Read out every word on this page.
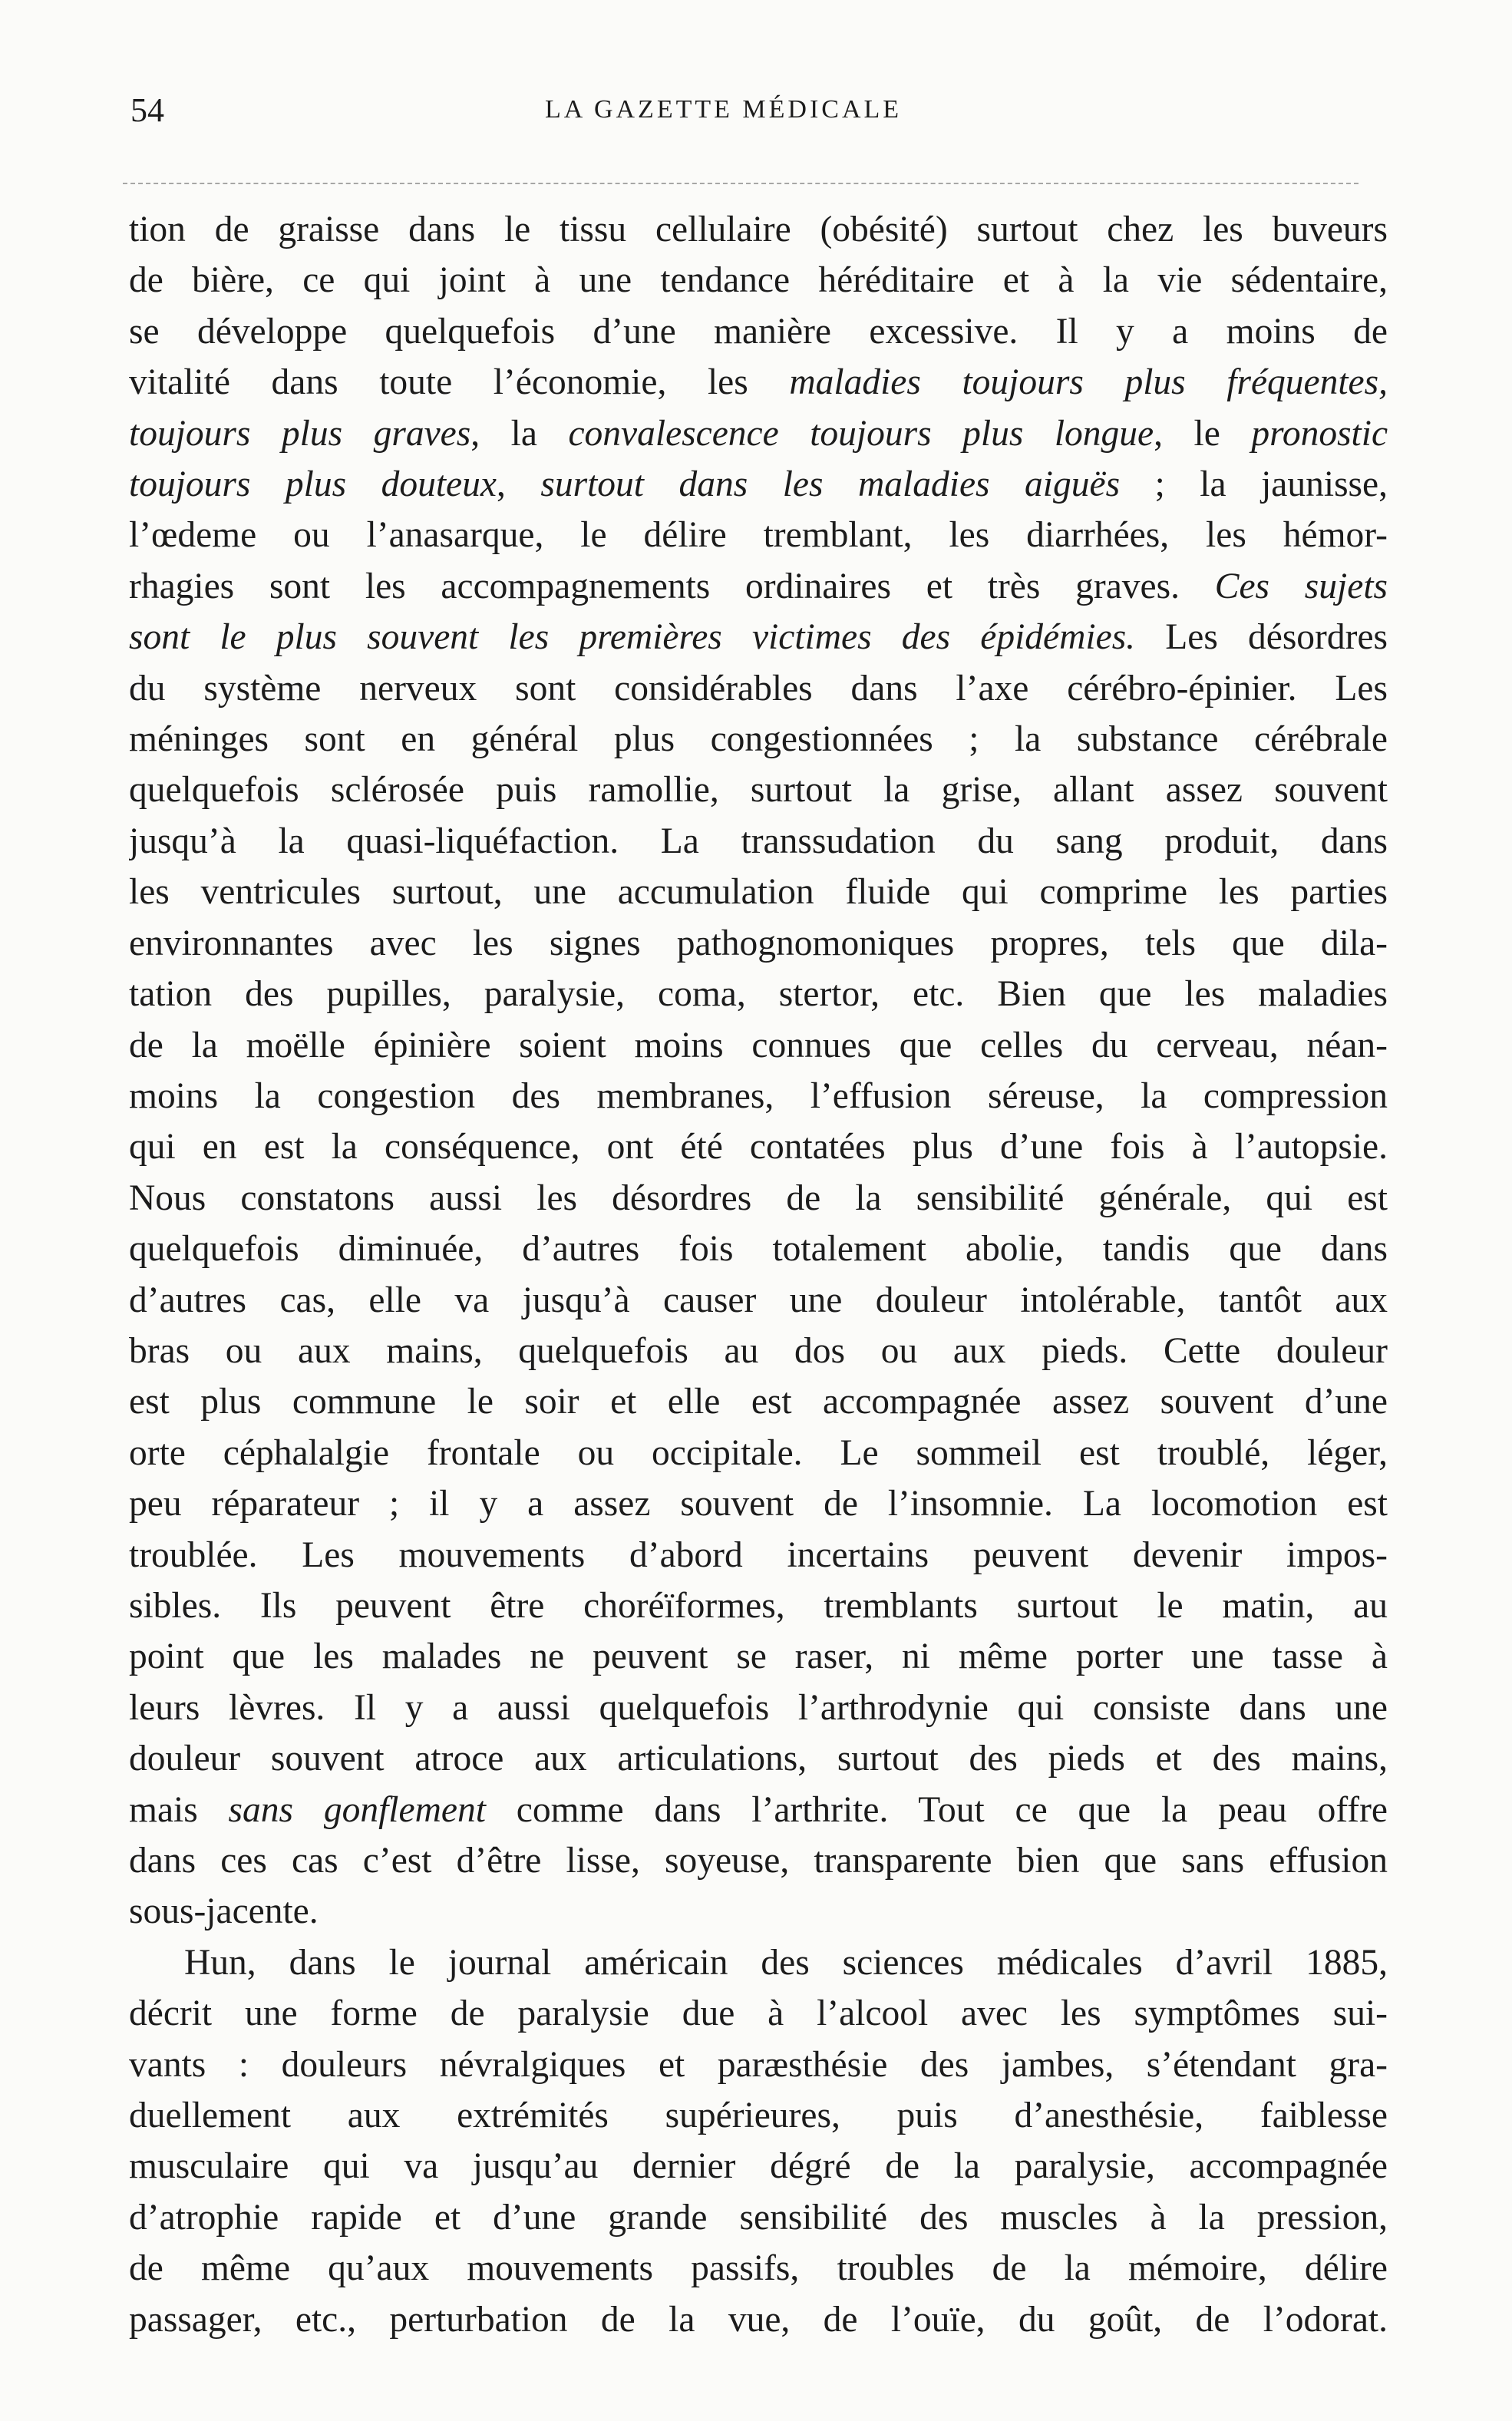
54	LA GAZETTE MÉDICALE
tion de graisse dans le tissu cellulaire (obésité) surtout chez les buveurs
de bière, ce qui joint à une tendance héréditaire et à la vie sédentaire,
se développe quelquefois d’une manière excessive. Il y a moins de
vitalité dans toute l’économie, les maladies toujours plus fréquentes,
toujours plus graves, la convalescence toujours plus longue, le pronostic
toujours plus douteux, surtout dans les maladies aiguës ; la jaunisse,
l’œdeme ou l’anasarque, le délire tremblant, les diarrhées, les hémor-
rhagies sont les accompagnements ordinaires et très graves. Ces sujets
sont le plus souvent les premières victimes des épidémies. Les désordres
du système nerveux sont considérables dans l’axe cérébro-épinier. Les
méninges sont en général plus congestionnées ; la substance cérébrale
quelquefois sclérosée puis ramollie, surtout la grise, allant assez souvent
jusqu’à la quasi-liquéfaction. La transsudation du sang produit, dans
les ventricules surtout, une accumulation fluide qui comprime les parties
environnantes avec les signes pathognomoniques propres, tels que dila-
tation des pupilles, paralysie, coma, stertor, etc. Bien que les maladies
de la moëlle épinière soient moins connues que celles du cerveau, néan-
moins la congestion des membranes, l’effusion séreuse, la compression
qui en est la conséquence, ont été contatées plus d’une fois à l’autopsie.
Nous constatons aussi les désordres de la sensibilité générale, qui est
quelquefois diminuée, d’autres fois totalement abolie, tandis que dans
d’autres cas, elle va jusqu’à causer une douleur intolérable, tantôt aux
bras ou aux mains, quelquefois au dos ou aux pieds. Cette douleur
est plus commune le soir et elle est accompagnée assez souvent d’une
orte céphalalgie frontale ou occipitale. Le sommeil est troublé, léger,
peu réparateur ; il y a assez souvent de l’insomnie. La locomotion est
troublée. Les mouvements d’abord incertains peuvent devenir impos-
sibles. Ils peuvent être choréïformes, tremblants surtout le matin, au
point que les malades ne peuvent se raser, ni même porter une tasse à
leurs lèvres. Il y a aussi quelquefois l’arthrodynie qui consiste dans une
douleur souvent atroce aux articulations, surtout des pieds et des mains,
mais sans gonflement comme dans l’arthrite. Tout ce que la peau offre
dans ces cas c’est d’être lisse, soyeuse, transparente bien que sans effusion
sous-jacente.
Hun, dans le journal américain des sciences médicales d’avril 1885,
décrit une forme de paralysie due à l’alcool avec les symptômes sui-
vants : douleurs névralgiques et paræsthésie des jambes, s’étendant gra-
duellement aux extrémités supérieures, puis d’anesthésie, faiblesse
musculaire qui va jusqu’au dernier dégré de la paralysie, accompagnée
d’atrophie rapide et d’une grande sensibilité des muscles à la pression,
de même qu’aux mouvements passifs, troubles de la mémoire, délire
passager, etc., perturbation de la vue, de l’ouïe, du goût, de l’odorat.
